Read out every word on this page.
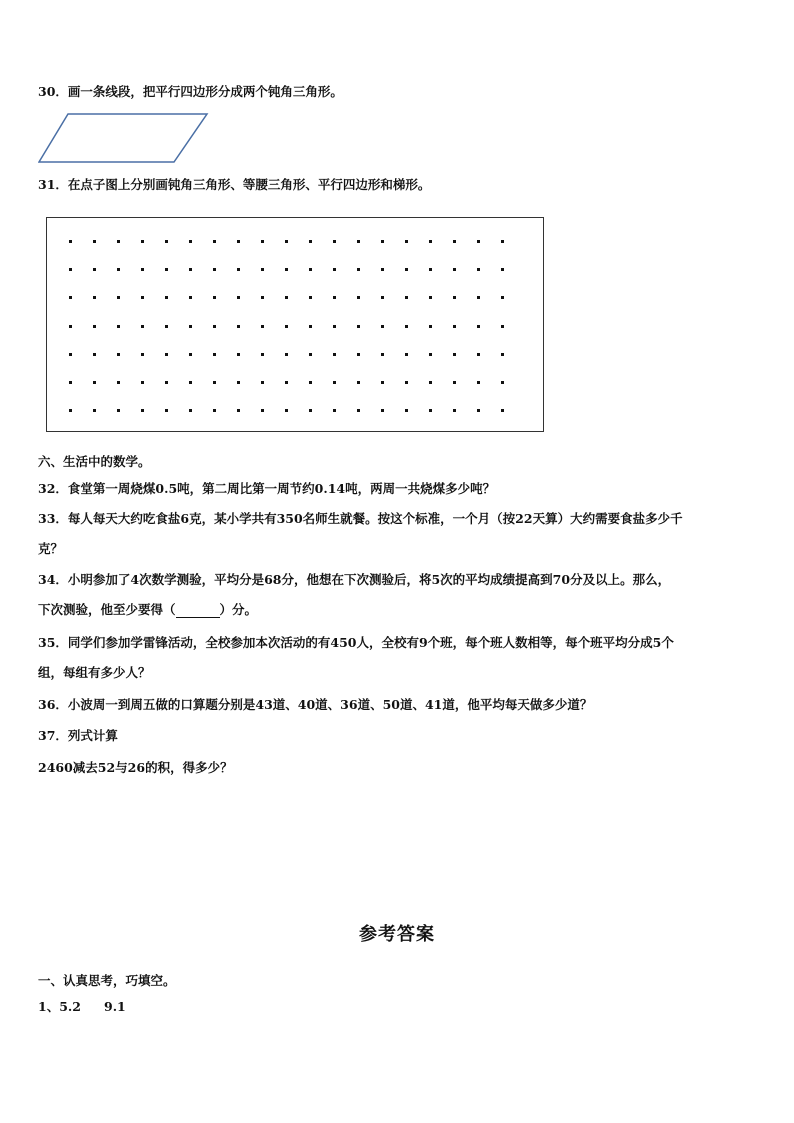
30．画一条线段，把平行四边形分成两个钝角三角形。
31．在点子图上分别画钝角三角形、等腰三角形、平行四边形和梯形。
六、生活中的数学。
32．食堂第一周烧煤0.5吨，第二周比第一周节约0.14吨，两周一共烧煤多少吨？
33．每人每天大约吃食盐6克，某小学共有350名师生就餐。按这个标准，一个月（按22天算）大约需要食盐多少千
克？
34．小明参加了4次数学测验，平均分是68分，他想在下次测验后，将5次的平均成绩提高到70分及以上。那么，
下次测验，他至少要得（	）分。
35．同学们参加学雷锋活动，全校参加本次活动的有450人，全校有9个班，每个班人数相等，每个班平均分成5个
组，每组有多少人？
36．小波周一到周五做的口算题分别是43道、40道、36道、50道、41道，他平均每天做多少道？
37．列式计算
2460减去52与26的积，得多少？
参考答案
一、认真思考，巧填空。
1、5.2 9.1
